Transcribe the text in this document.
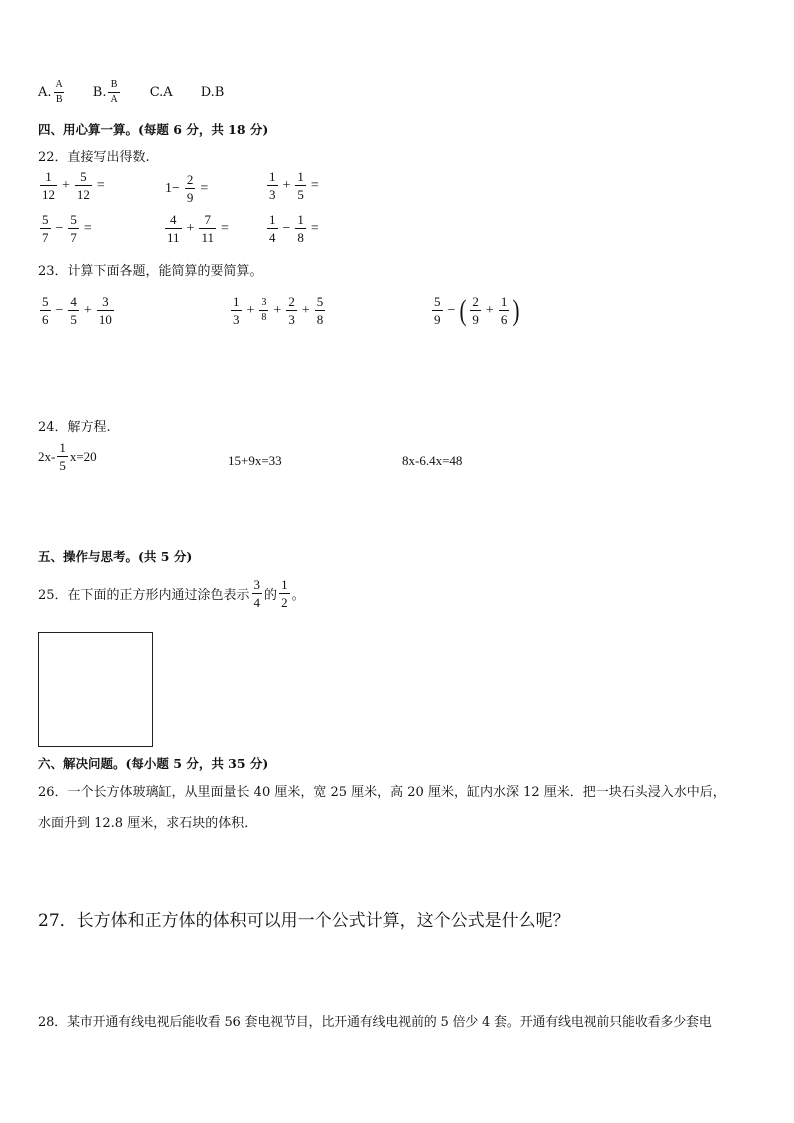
A. $\frac{A}{B} B$. $\frac{B}{A} C.A$ D.B
四、用心算一算。(每题 6 分，共 18 分)
22．直接写出得数.
$\frac{1}{12} + \frac{5}{12}$ =	$1- \frac{2}{9}$ =	$\frac{1}{3} + \frac{1}{5}$ =
$\frac{5}{7} - \frac{5}{7}$ =	$\frac{4}{11} + \frac{7}{11}$ =	$\frac{1}{4} - \frac{1}{8}$ =
23．计算下面各题，能简算的要简算。
$\frac{5}{6} - \frac{4}{5} + \frac{3}{10}$	$\frac{1}{3} + \frac{3}{8} + \frac{2}{3} + \frac{5}{8}$	$\frac{5}{9}$ − ( $\frac{2}{9} + \frac{1}{6}$ )
24．解方程.
$2x- \frac{1}{5} x=20$	15+9x=33	8x-6.4x=48
五、操作与思考。(共 5 分)
25．在下面的正方形内通过涂色表示 $\frac{3}{4}$ 的 $\frac{1}{2}$ 。
六、解决问题。(每小题 5 分，共 35 分)
26．一个长方体玻璃缸，从里面量长 40 厘米，宽 25 厘米，高 20 厘米，缸内水深 12 厘米．把一块石头浸入水中后，
水面升到 12.8 厘米，求石块的体积．
27．长方体和正方体的体积可以用一个公式计算，这个公式是什么呢？
28．某市开通有线电视后能收看 56 套电视节目，比开通有线电视前的 5 倍少 4 套。开通有线电视前只能收看多少套电
